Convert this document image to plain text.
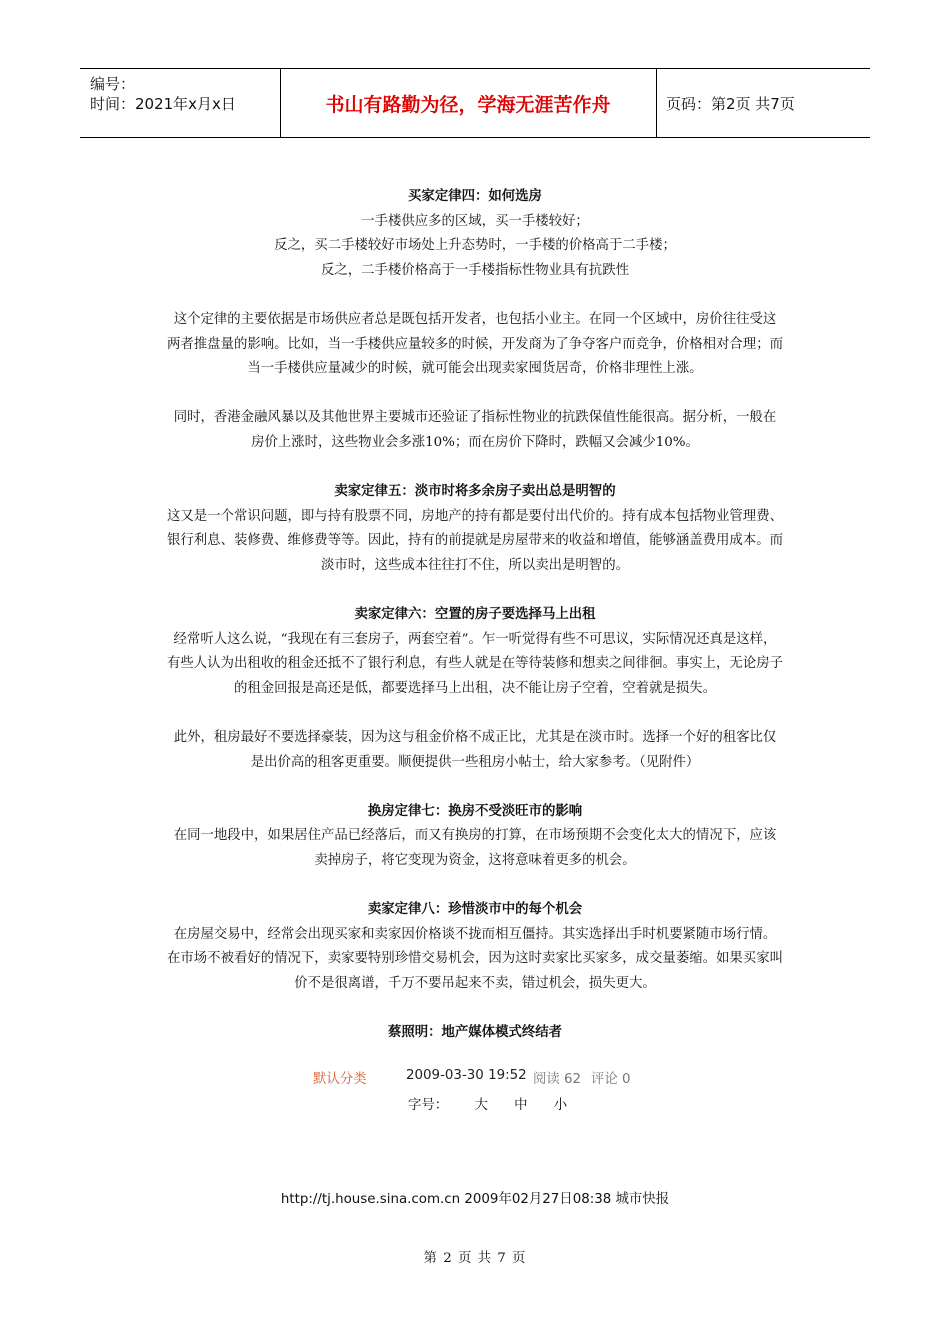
编号：
时间：2021年x月x日	书山有路勤为径，学海无涯苦作舟	页码：第2页 共7页
买家定律四：如何选房
一手楼供应多的区域，买一手楼较好；
反之，买二手楼较好市场处上升态势时，一手楼的价格高于二手楼；
反之，二手楼价格高于一手楼指标性物业具有抗跌性
这个定律的主要依据是市场供应者总是既包括开发者，也包括小业主。在同一个区域中，房价往往受这
两者推盘量的影响。比如，当一手楼供应量较多的时候，开发商为了争夺客户而竞争，价格相对合理；而
当一手楼供应量减少的时候，就可能会出现卖家囤货居奇，价格非理性上涨。
同时，香港金融风暴以及其他世界主要城市还验证了指标性物业的抗跌保值性能很高。据分析，一般在
房价上涨时，这些物业会多涨10%；而在房价下降时，跌幅又会减少10%。
卖家定律五：淡市时将多余房子卖出总是明智的
这又是一个常识问题，即与持有股票不同，房地产的持有都是要付出代价的。持有成本包括物业管理费、
银行利息、装修费、维修费等等。因此，持有的前提就是房屋带来的收益和增值，能够涵盖费用成本。而
淡市时，这些成本往往打不住，所以卖出是明智的。
卖家定律六：空置的房子要选择马上出租
经常听人这么说，“我现在有三套房子，两套空着”。乍一听觉得有些不可思议，实际情况还真是这样，
有些人认为出租收的租金还抵不了银行利息，有些人就是在等待装修和想卖之间徘徊。事实上，无论房子
的租金回报是高还是低，都要选择马上出租，决不能让房子空着，空着就是损失。
此外，租房最好不要选择豪装，因为这与租金价格不成正比，尤其是在淡市时。选择一个好的租客比仅
是出价高的租客更重要。顺便提供一些租房小帖士，给大家参考。（见附件）
换房定律七：换房不受淡旺市的影响
在同一地段中，如果居住产品已经落后，而又有换房的打算，在市场预期不会变化太大的情况下，应该
卖掉房子，将它变现为资金，这将意味着更多的机会。
卖家定律八：珍惜淡市中的每个机会
在房屋交易中，经常会出现买家和卖家因价格谈不拢而相互僵持。其实选择出手时机要紧随市场行情。
在市场不被看好的情况下，卖家要特别珍惜交易机会，因为这时卖家比买家多，成交量萎缩。如果买家叫
价不是很离谱，千万不要吊起来不卖，错过机会，损失更大。
蔡照明：地产媒体模式终结者
默认分类	2009-03-30 19:52 阅读 62 评论 0
字号： 大 中 小
http://tj.house.sina.com.cn 2009年02月27日08:38 城市快报
第 2 页 共 7 页
